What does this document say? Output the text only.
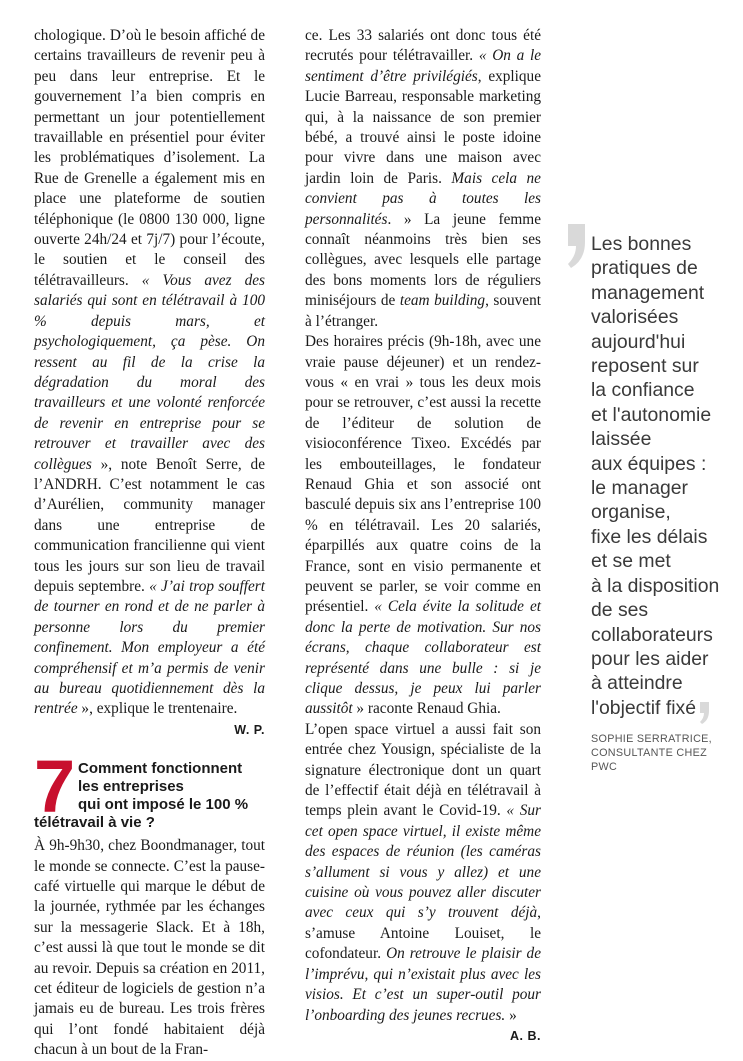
chologique. D’où le besoin affiché de certains travailleurs de revenir peu à peu dans leur entreprise. Et le gouvernement l’a bien compris en permettant un jour potentiellement travaillable en présentiel pour éviter les problématiques d’isolement. La Rue de Grenelle a également mis en place une plateforme de soutien téléphonique (le 0800 130 000, ligne ouverte 24h/24 et 7j/7) pour l’écoute, le soutien et le conseil des télétravailleurs. « Vous avez des salariés qui sont en télétravail à 100 % depuis mars, et psychologiquement, ça pèse. On ressent au fil de la crise la dégradation du moral des travailleurs et une volonté renforcée de revenir en entreprise pour se retrouver et travailler avec des collègues », note Benoît Serre, de l’ANDRH. C’est notamment le cas d’Aurélien, community manager dans une entreprise de communication francilienne qui vient tous les jours sur son lieu de travail depuis septembre. « J’ai trop souffert de tourner en rond et de ne parler à personne lors du premier confinement. Mon employeur a été compréhensif et m’a permis de venir au bureau quotidiennement dès la rentrée », explique le trentenaire.

W. P.
7 Comment fonctionnent
les entreprises
qui ont imposé le 100 %
télétravail à vie ?

À 9h-9h30, chez Boondmanager, tout le monde se connecte. C’est la pause-café virtuelle qui marque le début de la journée, rythmée par les échanges sur la messagerie Slack. Et à 18h, c’est aussi là que tout le monde se dit au revoir. Depuis sa création en 2011, cet éditeur de logiciels de gestion n’a jamais eu de bureau. Les trois frères qui l’ont fondé habitaient déjà chacun à un bout de la Fran-

ce. Les 33 salariés ont donc tous été recrutés pour télétravailler. « On a le sentiment d’être privilégiés, explique Lucie Barreau, responsable marketing qui, à la naissance de son premier bébé, a trouvé ainsi le poste idoine pour vivre dans une maison avec jardin loin de Paris. Mais cela ne convient pas à toutes les personnalités. » La jeune femme connaît néanmoins très bien ses collègues, avec lesquels elle partage des bons moments lors de réguliers miniséjours de team building, souvent à l’étranger.

Des horaires précis (9h-18h, avec une vraie pause déjeuner) et un rendez-vous « en vrai » tous les deux mois pour se retrouver, c’est aussi la recette de l’éditeur de solution de visioconférence Tixeo. Excédés par les embouteillages, le fondateur Renaud Ghia et son associé ont basculé depuis six ans l’entreprise 100 % en télétravail. Les 20 salariés, éparpillés aux quatre coins de la France, sont en visio permanente et peuvent se parler, se voir comme en présentiel. « Cela évite la solitude et donc la perte de motivation. Sur nos écrans, chaque collaborateur est représenté dans une bulle : si je clique dessus, je peux lui parler aussitôt » raconte Renaud Ghia.

L’open space virtuel a aussi fait son entrée chez Yousign, spécialiste de la signature électronique dont un quart de l’effectif était déjà en télétravail à temps plein avant le Covid-19. « Sur cet open space virtuel, il existe même des espaces de réunion (les caméras s’allument si vous y allez) et une cuisine où vous pouvez aller discuter avec ceux qui s’y trouvent déjà, s’amuse Antoine Louiset, le cofondateur. On retrouve le plaisir de l’imprévu, qui n’existait plus avec les visios. Et c’est un super-outil pour l’onboarding des jeunes recrues. »
A. B.

Les bonnes
pratiques de
management
valorisées
aujourd'hui
reposent sur
la confiance
et l'autonomie
laissée
aux équipes :
le manager
organise,
fixe les délais
et se met
à la disposition
de ses
collaborateurs
pour les aider
à atteindre
l'objectif fixé
SOPHIE SERRATRICE,
CONSULTANTE CHEZ PWC
